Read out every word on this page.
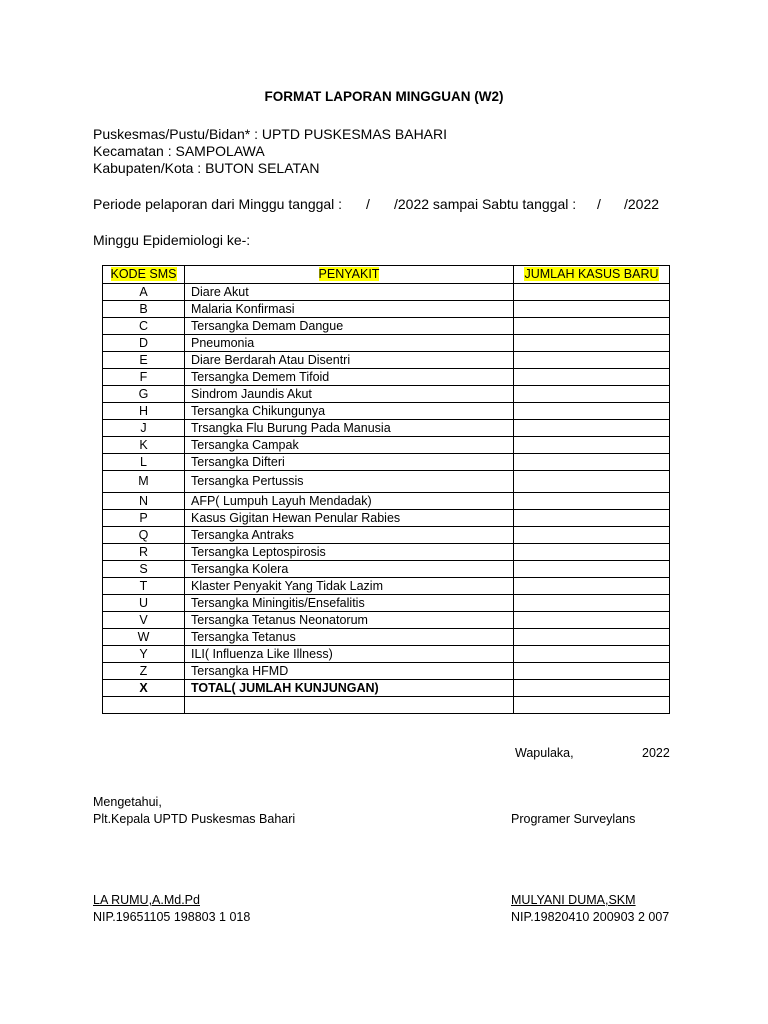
FORMAT LAPORAN MINGGUAN (W2)
Puskesmas/Pustu/Bidan* : UPTD PUSKESMAS BAHARI
Kecamatan : SAMPOLAWA
Kabupaten/Kota : BUTON SELATAN
Periode pelaporan dari Minggu tanggal : / /2022 sampai Sabtu tanggal : / /2022
Minggu Epidemiologi ke-:
KODE SMS	PENYAKIT	JUMLAH KASUS BARU
A	Diare Akut	
B	Malaria Konfirmasi	
C	Tersangka Demam Dangue	
D	Pneumonia	
E	Diare Berdarah Atau Disentri	
F	Tersangka Demem Tifoid	
G	Sindrom Jaundis Akut	
H	Tersangka Chikungunya	
J	Trsangka Flu Burung Pada Manusia	
K	Tersangka Campak	
L	Tersangka Difteri	
M	Tersangka Pertussis	
N	AFP( Lumpuh Layuh Mendadak)	
P	Kasus Gigitan Hewan Penular Rabies	
Q	Tersangka Antraks	
R	Tersangka Leptospirosis	
S	Tersangka Kolera	
T	Klaster Penyakit Yang Tidak Lazim	
U	Tersangka Miningitis/Ensefalitis	
V	Tersangka Tetanus Neonatorum	
W	Tersangka Tetanus	
Y	ILI( Influenza Like Illness)	
Z	Tersangka HFMD	
X	TOTAL( JUMLAH KUNJUNGAN)	

Wapulaka,	2022
Mengetahui,
Plt.Kepala UPTD Puskesmas Bahari	Programer Surveylans
LA RUMU,A.Md.Pd
NIP.19651105 198803 1 018
MULYANI DUMA,SKM
NIP.19820410 200903 2 007
